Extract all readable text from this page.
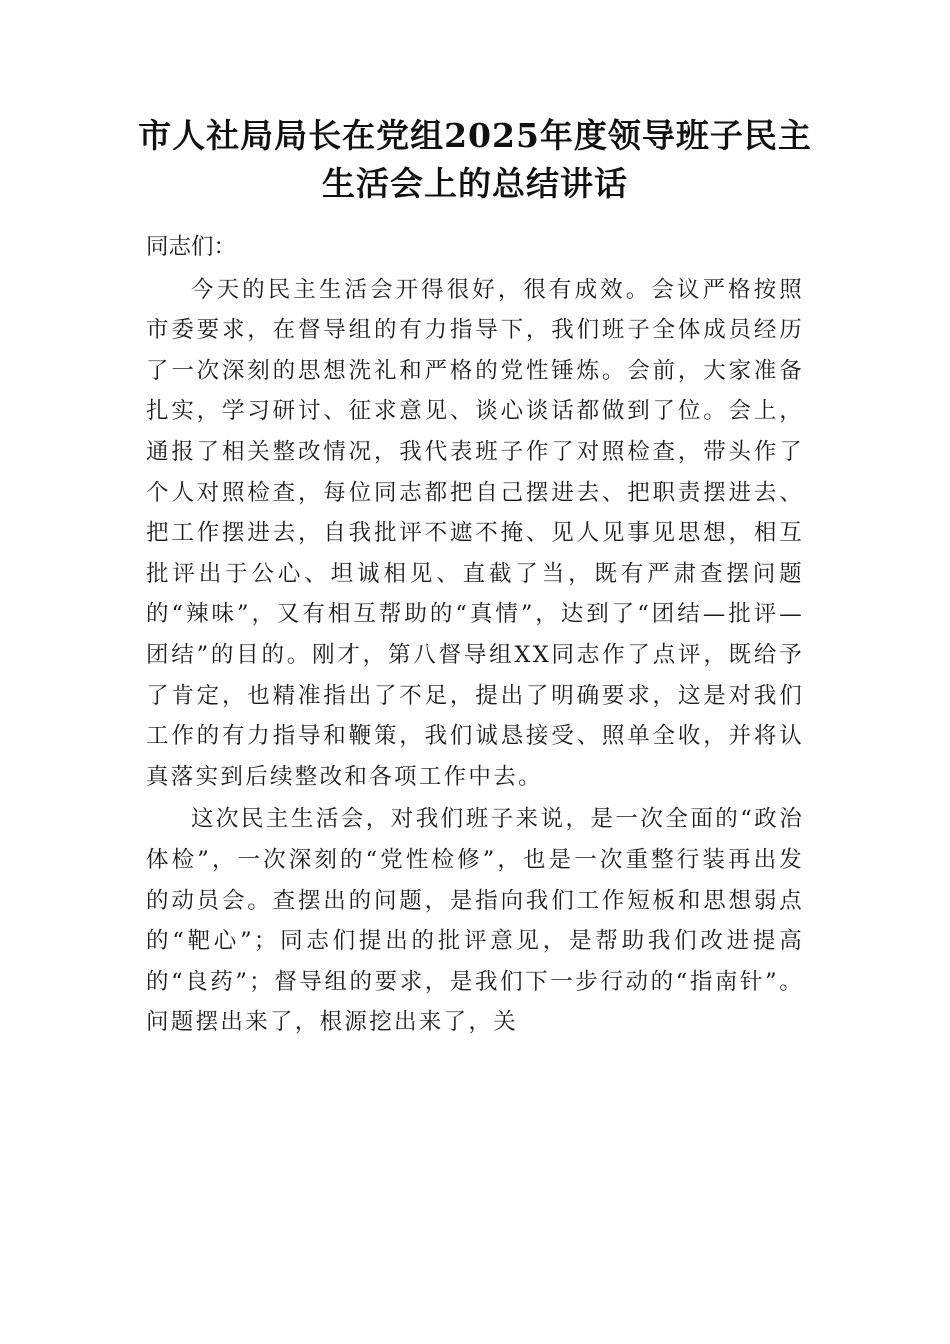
市人社局局长在党组2025年度领导班子民主生活会上的总结讲话

同志们：

今天的民主生活会开得很好，很有成效。会议严格按照市委要求，在督导组的有力指导下，我们班子全体成员经历了一次深刻的思想洗礼和严格的党性锤炼。会前，大家准备扎实，学习研讨、征求意见、谈心谈话都做到了位。会上，通报了相关整改情况，我代表班子作了对照检查，带头作了个人对照检查，每位同志都把自己摆进去、把职责摆进去、把工作摆进去，自我批评不遮不掩、见人见事见思想，相互批评出于公心、坦诚相见、直截了当，既有严肃查摆问题的“辣味”，又有相互帮助的“真情”，达到了“团结—批评—团结”的目的。刚才，第八督导组XX同志作了点评，既给予了肯定，也精准指出了不足，提出了明确要求，这是对我们工作的有力指导和鞭策，我们诚恳接受、照单全收，并将认真落实到后续整改和各项工作中去。

这次民主生活会，对我们班子来说，是一次全面的“政治体检”，一次深刻的“党性检修”，也是一次重整行装再出发的动员会。查摆出的问题，是指向我们工作短板和思想弱点的“靶心”；同志们提出的批评意见，是帮助我们改进提高的“良药”；督导组的要求，是我们下一步行动的“指南针”。问题摆出来了，根源挖出来了，关
